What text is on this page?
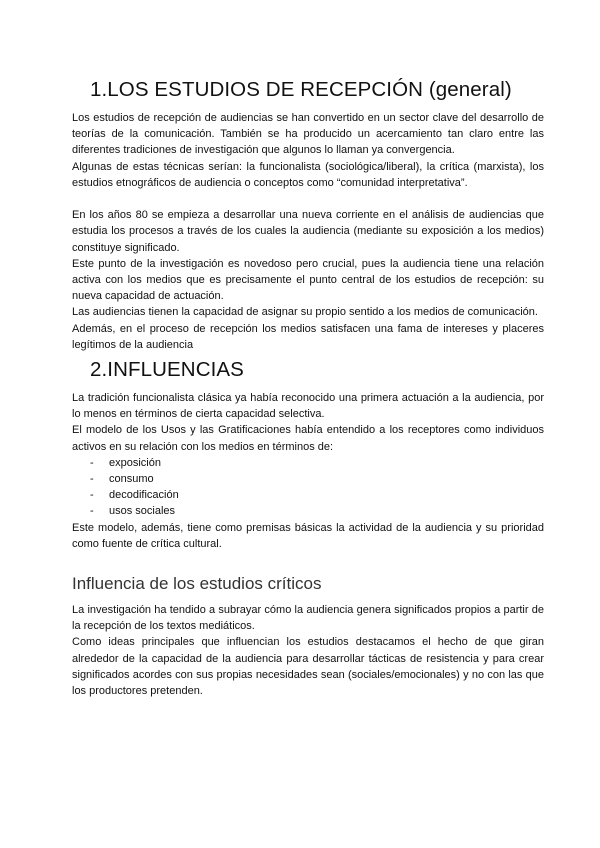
1.LOS ESTUDIOS DE RECEPCIÓN (general)

Los estudios de recepción de audiencias se han convertido en un sector clave del desarrollo de teorías de la comunicación. También se ha producido un acercamiento tan claro entre las diferentes tradiciones de investigación que algunos lo llaman ya convergencia.

Algunas de estas técnicas serían: la funcionalista (sociológica/liberal), la crítica (marxista), los estudios etnográficos de audiencia o conceptos como “comunidad interpretativa”.

En los años 80 se empieza a desarrollar una nueva corriente en el análisis de audiencias que estudia los procesos a través de los cuales la audiencia (mediante su exposición a los medios) constituye significado.

Este punto de la investigación es novedoso pero crucial, pues la audiencia tiene una relación activa con los medios que es precisamente el punto central de los estudios de recepción: su nueva capacidad de actuación.

Las audiencias tienen la capacidad de asignar su propio sentido a los medios de comunicación.

Además, en el proceso de recepción los medios satisfacen una fama de intereses y placeres legítimos de la audiencia

2.INFLUENCIAS

La tradición funcionalista clásica ya había reconocido una primera actuación a la audiencia, por lo menos en términos de cierta capacidad selectiva.

El modelo de los Usos y las Gratificaciones había entendido a los receptores como individuos activos en su relación con los medios en términos de:

- exposición
- consumo
- decodificación
- usos sociales

Este modelo, además, tiene como premisas básicas la actividad de la audiencia y su prioridad como fuente de crítica cultural.

Influencia de los estudios críticos

La investigación ha tendido a subrayar cómo la audiencia genera significados propios a partir de la recepción de los textos mediáticos.

Como ideas principales que influencian los estudios destacamos el hecho de que giran alrededor de la capacidad de la audiencia para desarrollar tácticas de resistencia y para crear significados acordes con sus propias necesidades sean (sociales/emocionales) y no con las que los productores pretenden.
